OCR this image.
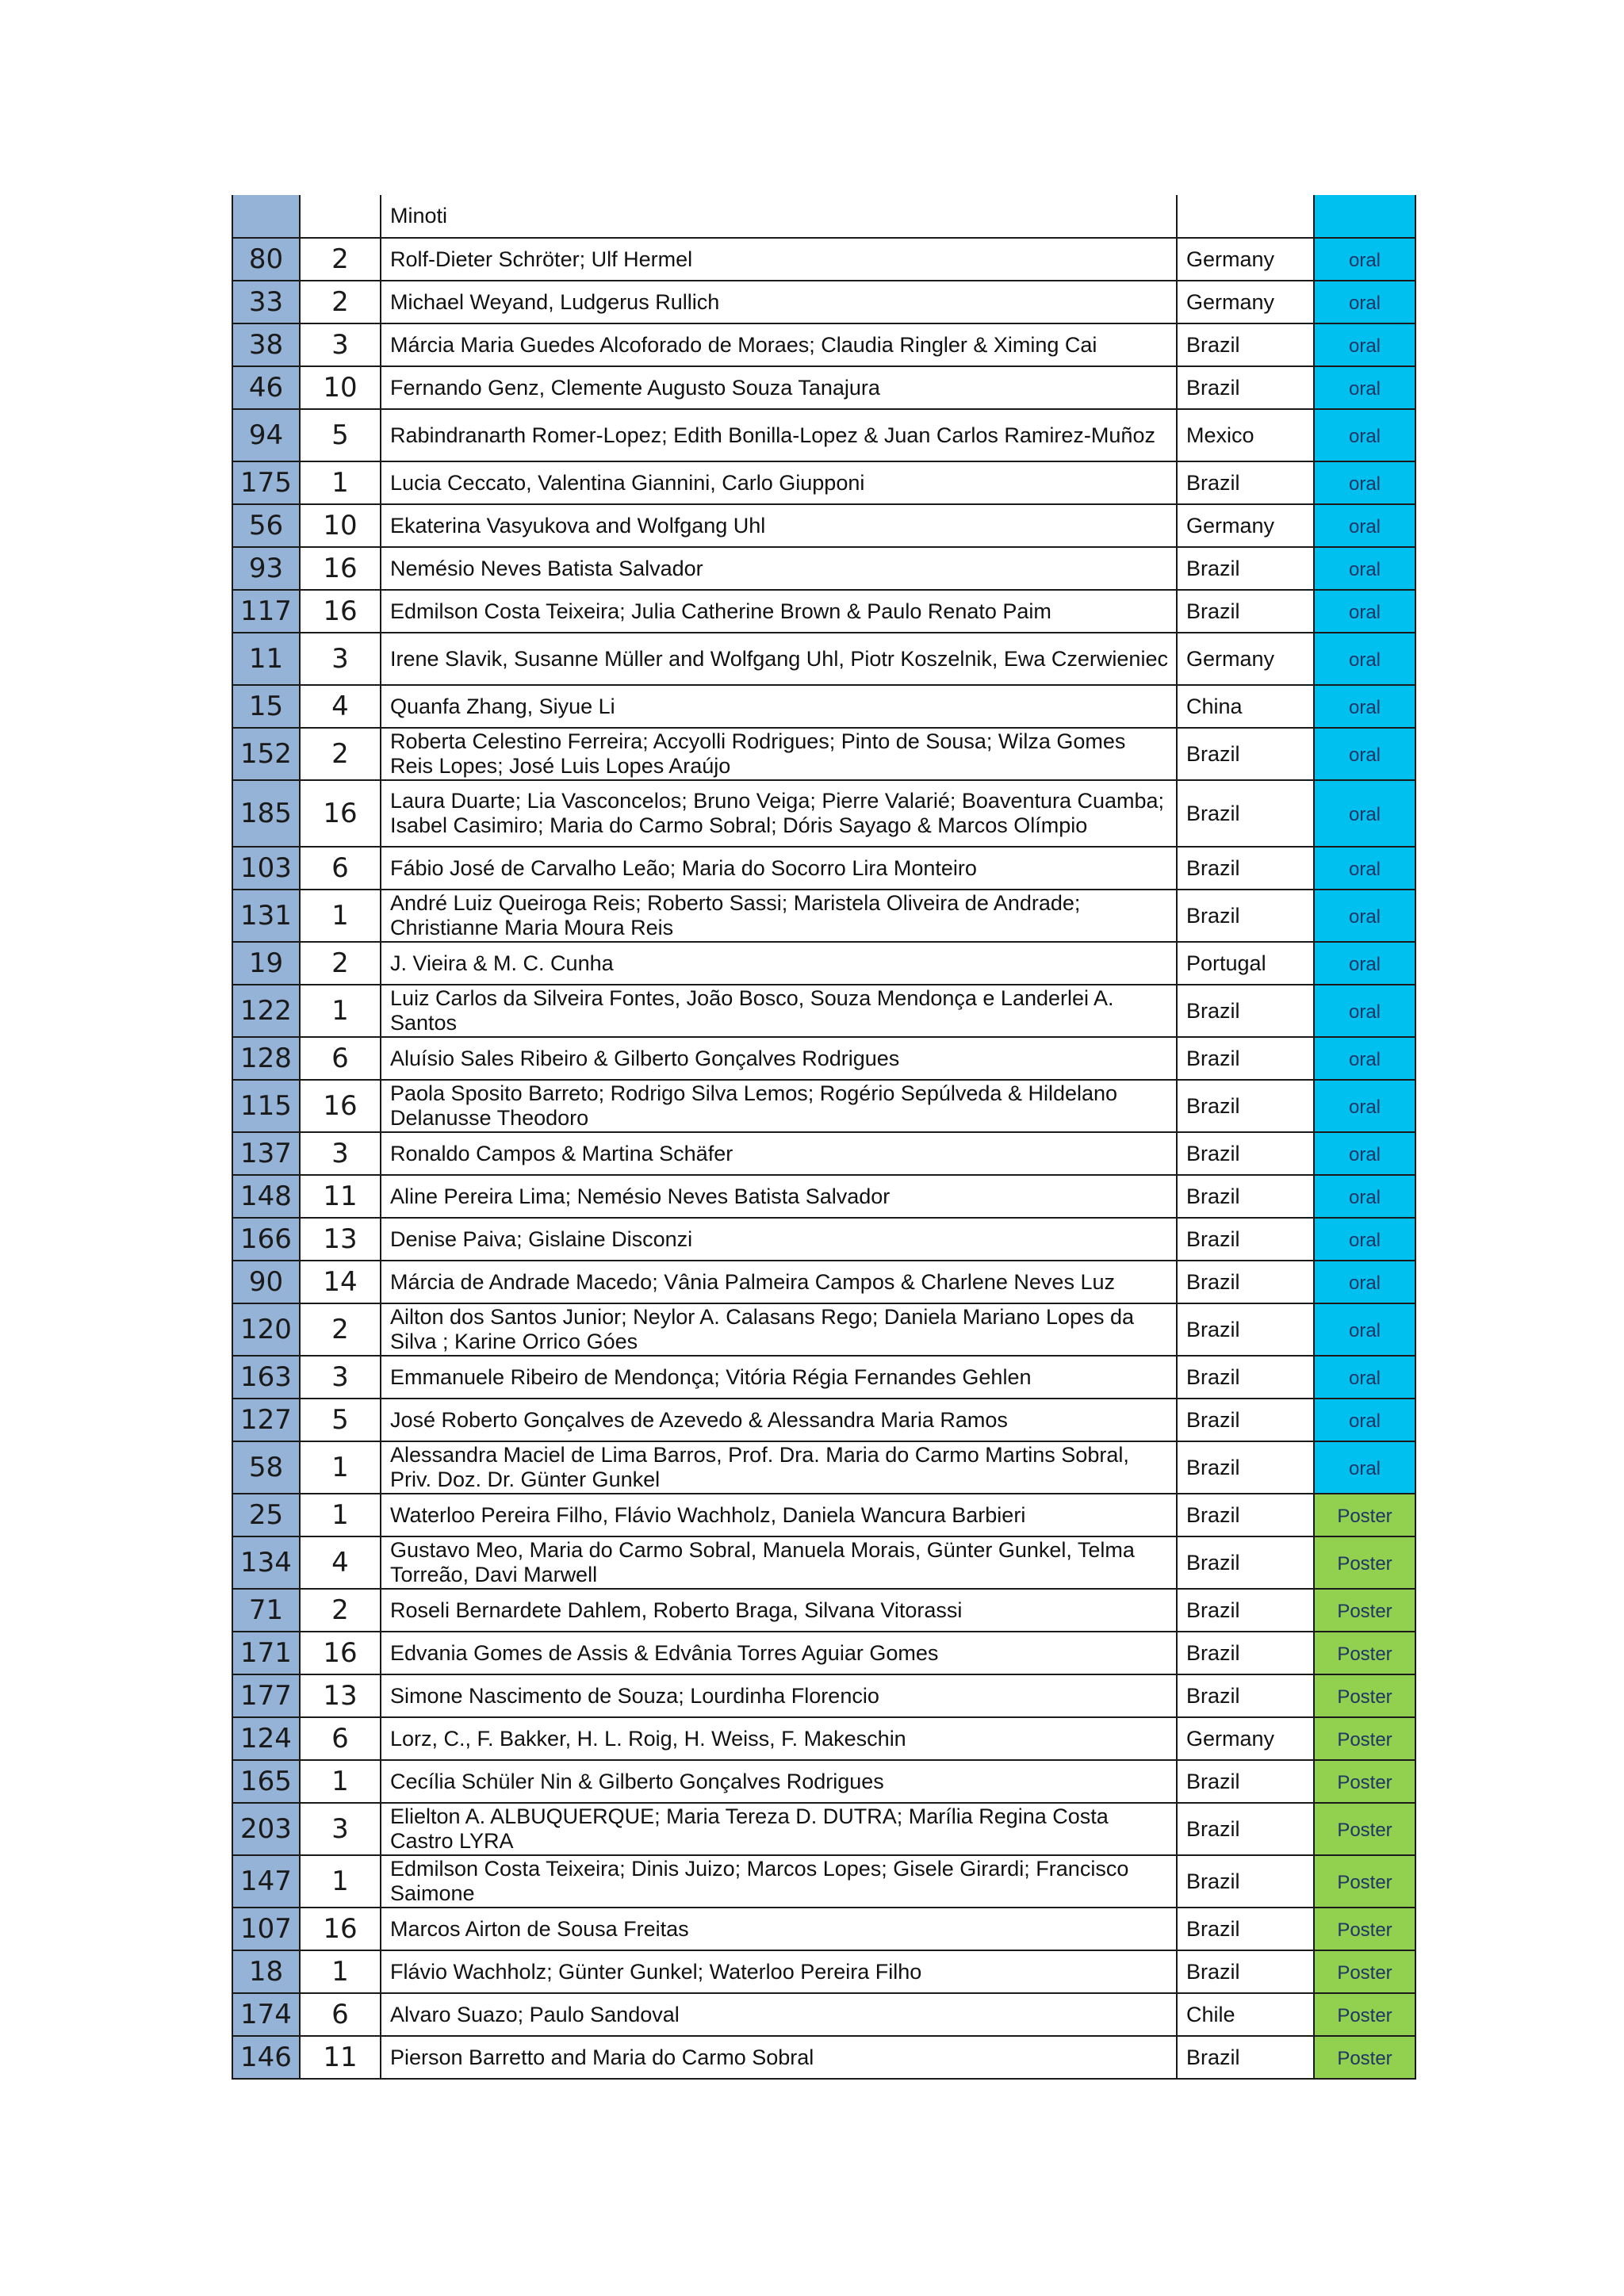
		Minoti		
80	2	Rolf-Dieter Schröter; Ulf Hermel	Germany	oral
33	2	Michael Weyand, Ludgerus Rullich	Germany	oral
38	3	Márcia Maria Guedes Alcoforado de Moraes; Claudia Ringler & Ximing Cai	Brazil	oral
46	10	Fernando Genz, Clemente Augusto Souza Tanajura	Brazil	oral
94	5	Rabindranarth Romer-Lopez; Edith Bonilla-Lopez & Juan Carlos Ramirez-Muñoz	Mexico	oral
175	1	Lucia Ceccato, Valentina Giannini, Carlo Giupponi	Brazil	oral
56	10	Ekaterina Vasyukova and Wolfgang Uhl	Germany	oral
93	16	Nemésio Neves Batista Salvador	Brazil	oral
117	16	Edmilson Costa Teixeira; Julia Catherine Brown & Paulo Renato Paim	Brazil	oral
11	3	Irene Slavik, Susanne Müller and Wolfgang Uhl, Piotr Koszelnik, Ewa Czerwieniec	Germany	oral
15	4	Quanfa Zhang, Siyue Li	China	oral
152	2	Roberta Celestino Ferreira; Accyolli Rodrigues; Pinto de Sousa; Wilza Gomes Reis Lopes; José Luis Lopes Araújo	Brazil	oral
185	16	Laura Duarte; Lia Vasconcelos; Bruno Veiga; Pierre Valarié; Boaventura Cuamba; Isabel Casimiro; Maria do Carmo Sobral; Dóris Sayago & Marcos Olímpio	Brazil	oral
103	6	Fábio José de Carvalho Leão; Maria do Socorro Lira Monteiro	Brazil	oral
131	1	André Luiz Queiroga Reis; Roberto Sassi; Maristela Oliveira de Andrade; Christianne Maria Moura Reis	Brazil	oral
19	2	J. Vieira & M. C. Cunha	Portugal	oral
122	1	Luiz Carlos da Silveira Fontes, João Bosco, Souza Mendonça e Landerlei A. Santos	Brazil	oral
128	6	Aluísio Sales Ribeiro & Gilberto Gonçalves Rodrigues	Brazil	oral
115	16	Paola Sposito Barreto; Rodrigo Silva Lemos; Rogério Sepúlveda & Hildelano Delanusse Theodoro	Brazil	oral
137	3	Ronaldo Campos & Martina Schäfer	Brazil	oral
148	11	Aline Pereira Lima; Nemésio Neves Batista Salvador	Brazil	oral
166	13	Denise Paiva; Gislaine Disconzi	Brazil	oral
90	14	Márcia de Andrade Macedo; Vânia Palmeira Campos & Charlene Neves Luz	Brazil	oral
120	2	Ailton dos Santos Junior; Neylor A. Calasans Rego; Daniela Mariano Lopes da Silva ; Karine Orrico Góes	Brazil	oral
163	3	Emmanuele Ribeiro de Mendonça; Vitória Régia Fernandes Gehlen	Brazil	oral
127	5	José Roberto Gonçalves de Azevedo & Alessandra Maria Ramos	Brazil	oral
58	1	Alessandra Maciel de Lima Barros, Prof. Dra. Maria do Carmo Martins Sobral, Priv. Doz. Dr. Günter Gunkel	Brazil	oral
25	1	Waterloo Pereira Filho, Flávio Wachholz, Daniela Wancura Barbieri	Brazil	Poster
134	4	Gustavo Meo, Maria do Carmo Sobral, Manuela Morais, Günter Gunkel, Telma Torreão, Davi Marwell	Brazil	Poster
71	2	Roseli Bernardete Dahlem, Roberto Braga, Silvana Vitorassi	Brazil	Poster
171	16	Edvania Gomes de Assis & Edvânia Torres Aguiar Gomes	Brazil	Poster
177	13	Simone Nascimento de Souza; Lourdinha Florencio	Brazil	Poster
124	6	Lorz, C., F. Bakker, H. L. Roig, H. Weiss, F. Makeschin	Germany	Poster
165	1	Cecília Schüler Nin & Gilberto Gonçalves Rodrigues	Brazil	Poster
203	3	Elielton A. ALBUQUERQUE; Maria Tereza D. DUTRA; Marília Regina Costa Castro LYRA	Brazil	Poster
147	1	Edmilson Costa Teixeira; Dinis Juizo; Marcos Lopes; Gisele Girardi; Francisco Saimone	Brazil	Poster
107	16	Marcos Airton de Sousa Freitas	Brazil	Poster
18	1	Flávio Wachholz; Günter Gunkel; Waterloo Pereira Filho	Brazil	Poster
174	6	Alvaro Suazo; Paulo Sandoval	Chile	Poster
146	11	Pierson Barretto and Maria do Carmo Sobral	Brazil	Poster
